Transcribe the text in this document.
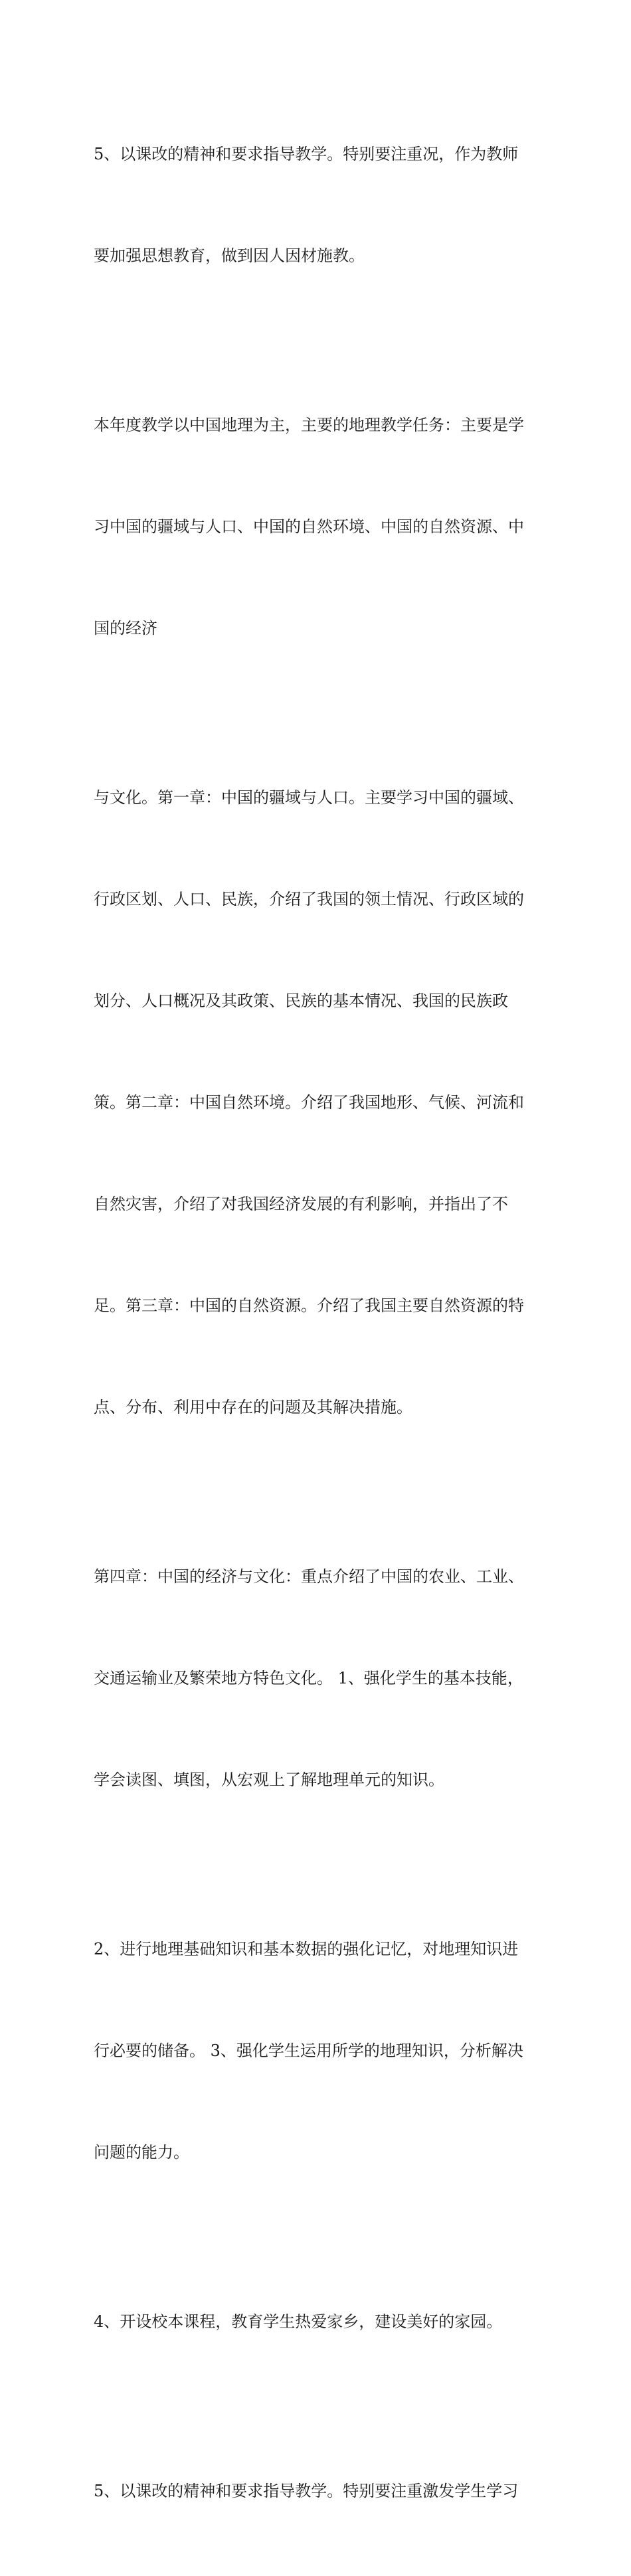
5、以课改的精神和要求指导教学。特别要注重况，作为教师

要加强思想教育，做到因人因材施教。

本年度教学以中国地理为主，主要的地理教学任务：主要是学

习中国的疆域与人口、中国的自然环境、中国的自然资源、中

国的经济

与文化。第一章：中国的疆域与人口。主要学习中国的疆域、

行政区划、人口、民族，介绍了我国的领土情况、行政区域的

划分、人口概况及其政策、民族的基本情况、我国的民族政

策。第二章：中国自然环境。介绍了我国地形、气候、河流和

自然灾害，介绍了对我国经济发展的有利影响，并指出了不

足。第三章：中国的自然资源。介绍了我国主要自然资源的特

点、分布、利用中存在的问题及其解决措施。

第四章：中国的经济与文化：重点介绍了中国的农业、工业、

交通运输业及繁荣地方特色文化。 1、强化学生的基本技能，

学会读图、填图，从宏观上了解地理单元的知识。

2、进行地理基础知识和基本数据的强化记忆，对地理知识进

行必要的储备。 3、强化学生运用所学的地理知识，分析解决

问题的能力。

4、开设校本课程，教育学生热爱家乡，建设美好的家园。

5、以课改的精神和要求指导教学。特别要注重激发学生学习
